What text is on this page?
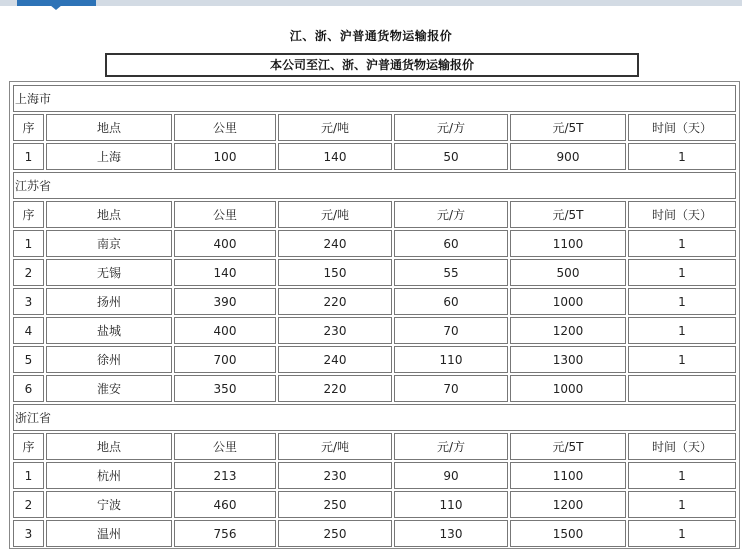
江、浙、沪普通货物运输报价
本公司至江、浙、沪普通货物运输报价
上海市						
序	地点	公里	元/吨	元/方	元/5T	时间（天）
1	上海	100	140	50	900	1
江苏省						
序	地点	公里	元/吨	元/方	元/5T	时间（天）
1	南京	400	240	60	1100	1
2	无锡	140	150	55	500	1
3	扬州	390	220	60	1000	1
4	盐城	400	230	70	1200	1
5	徐州	700	240	110	1300	1
6	淮安	350	220	70	1000	
浙江省						
序	地点	公里	元/吨	元/方	元/5T	时间（天）
1	杭州	213	230	90	1100	1
2	宁波	460	250	110	1200	1
3	温州	756	250	130	1500	1
